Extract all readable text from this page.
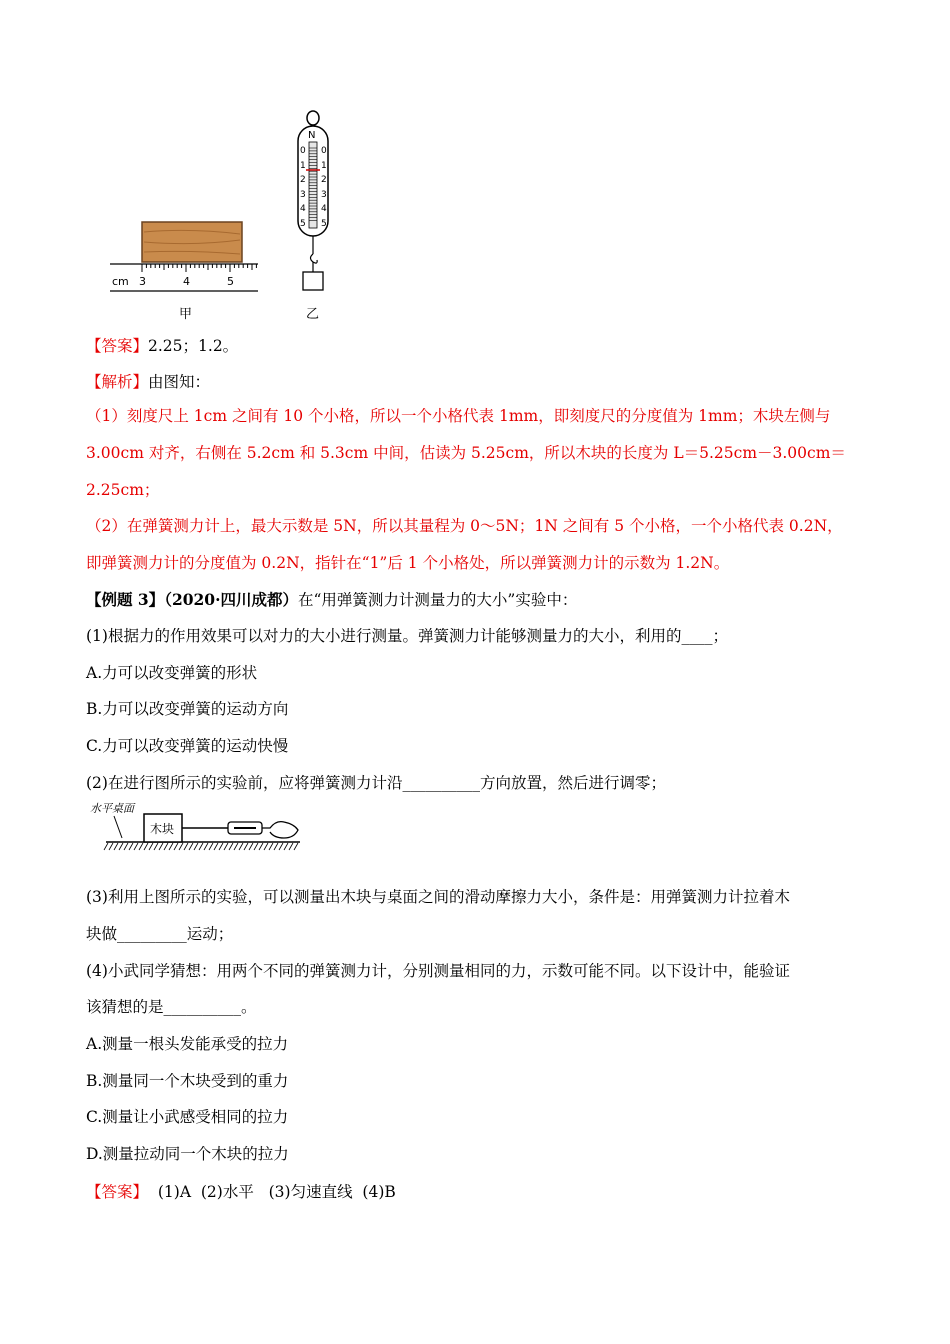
cm 3	4	5
甲	乙
N
0
1
2
3
4
5
0
1
2
3
4
5
【答案】2.25；1.2。
【解析】由图知：
（1）刻度尺上 1cm 之间有 10 个小格，所以一个小格代表 1mm，即刻度尺的分度值为 1mm；木块左侧与
3.00cm 对齐，右侧在 5.2cm 和 5.3cm 中间，估读为 5.25cm，所以木块的长度为 L＝5.25cm－3.00cm＝
2.25cm；
（2）在弹簧测力计上，最大示数是 5N，所以其量程为 0～5N；1N 之间有 5 个小格，一个小格代表 0.2N，
即弹簧测力计的分度值为 0.2N，指针在“1”后 1 个小格处，所以弹簧测力计的示数为 1.2N。
【例题 3】（2020·四川成都）在“用弹簧测力计测量力的大小”实验中：
(1)根据力的作用效果可以对力的大小进行测量。弹簧测力计能够测量力的大小，利用的____；
A.力可以改变弹簧的形状
B.力可以改变弹簧的运动方向
C.力可以改变弹簧的运动快慢
(2)在进行图所示的实验前，应将弹簧测力计沿__________方向放置，然后进行调零；
水平桌面
木块
(3)利用上图所示的实验，可以测量出木块与桌面之间的滑动摩擦力大小，条件是：用弹簧测力计拉着木
块做_________运动；
(4)小武同学猜想：用两个不同的弹簧测力计，分别测量相同的力，示数可能不同。以下设计中，能验证
该猜想的是__________。
A.测量一根头发能承受的拉力
B.测量同一个木块受到的重力
C.测量让小武感受相同的拉力
D.测量拉动同一个木块的拉力
【答案】  (1)A  (2)水平   (3)匀速直线  (4)B
